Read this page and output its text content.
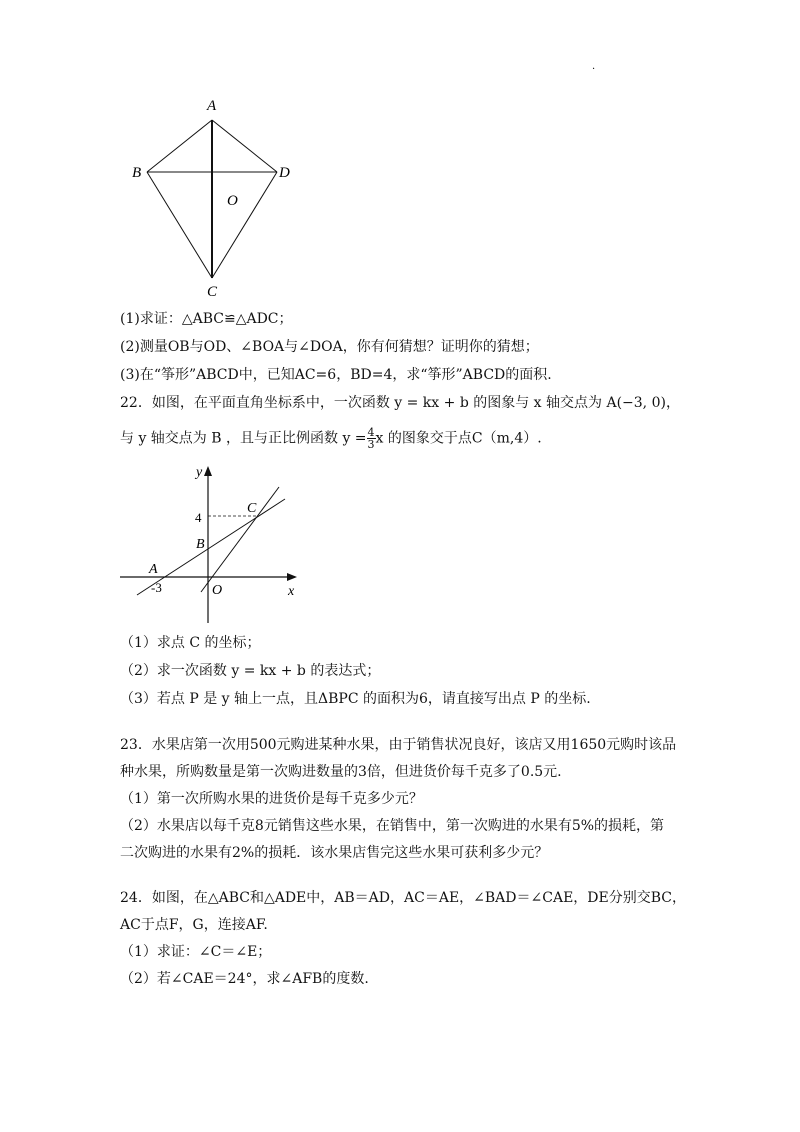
·
A
B	D
O
C
(1)求证：△ABC≌△ADC；
(2)测量OB与OD、∠BOA与∠DOA，你有何猜想？证明你的猜想；
(3)在“筝形”ABCD中，已知AC=6，BD=4，求“筝形”ABCD的面积.
22．如图，在平面直角坐标系中，一次函数 y = kx + b 的图象与 x 轴交点为 A(−3, 0)，
与 y 轴交点为 B ，且与正比例函数 $y = \frac{4}{3}$ x 的图象交于点C（m,4）.
y
x
4
C
B
A
-3	O
（1）求点 C 的坐标；
（2）求一次函数 y = kx + b 的表达式；
（3）若点 P 是 y 轴上一点，且ΔBPC 的面积为6，请直接写出点 P 的坐标.
23．水果店第一次用500元购进某种水果，由于销售状况良好，该店又用1650元购时该品
种水果，所购数量是第一次购进数量的3倍，但进货价每千克多了0.5元.
（1）第一次所购水果的进货价是每千克多少元？
（2）水果店以每千克8元销售这些水果，在销售中，第一次购进的水果有5%的损耗，第
二次购进的水果有2%的损耗．该水果店售完这些水果可获利多少元？
24．如图，在△ABC和△ADE中，AB＝AD，AC＝AE，∠BAD＝∠CAE，DE分别交BC，
AC于点F，G，连接AF.
（1）求证：∠C＝∠E；
（2）若∠CAE＝24°，求∠AFB的度数.
